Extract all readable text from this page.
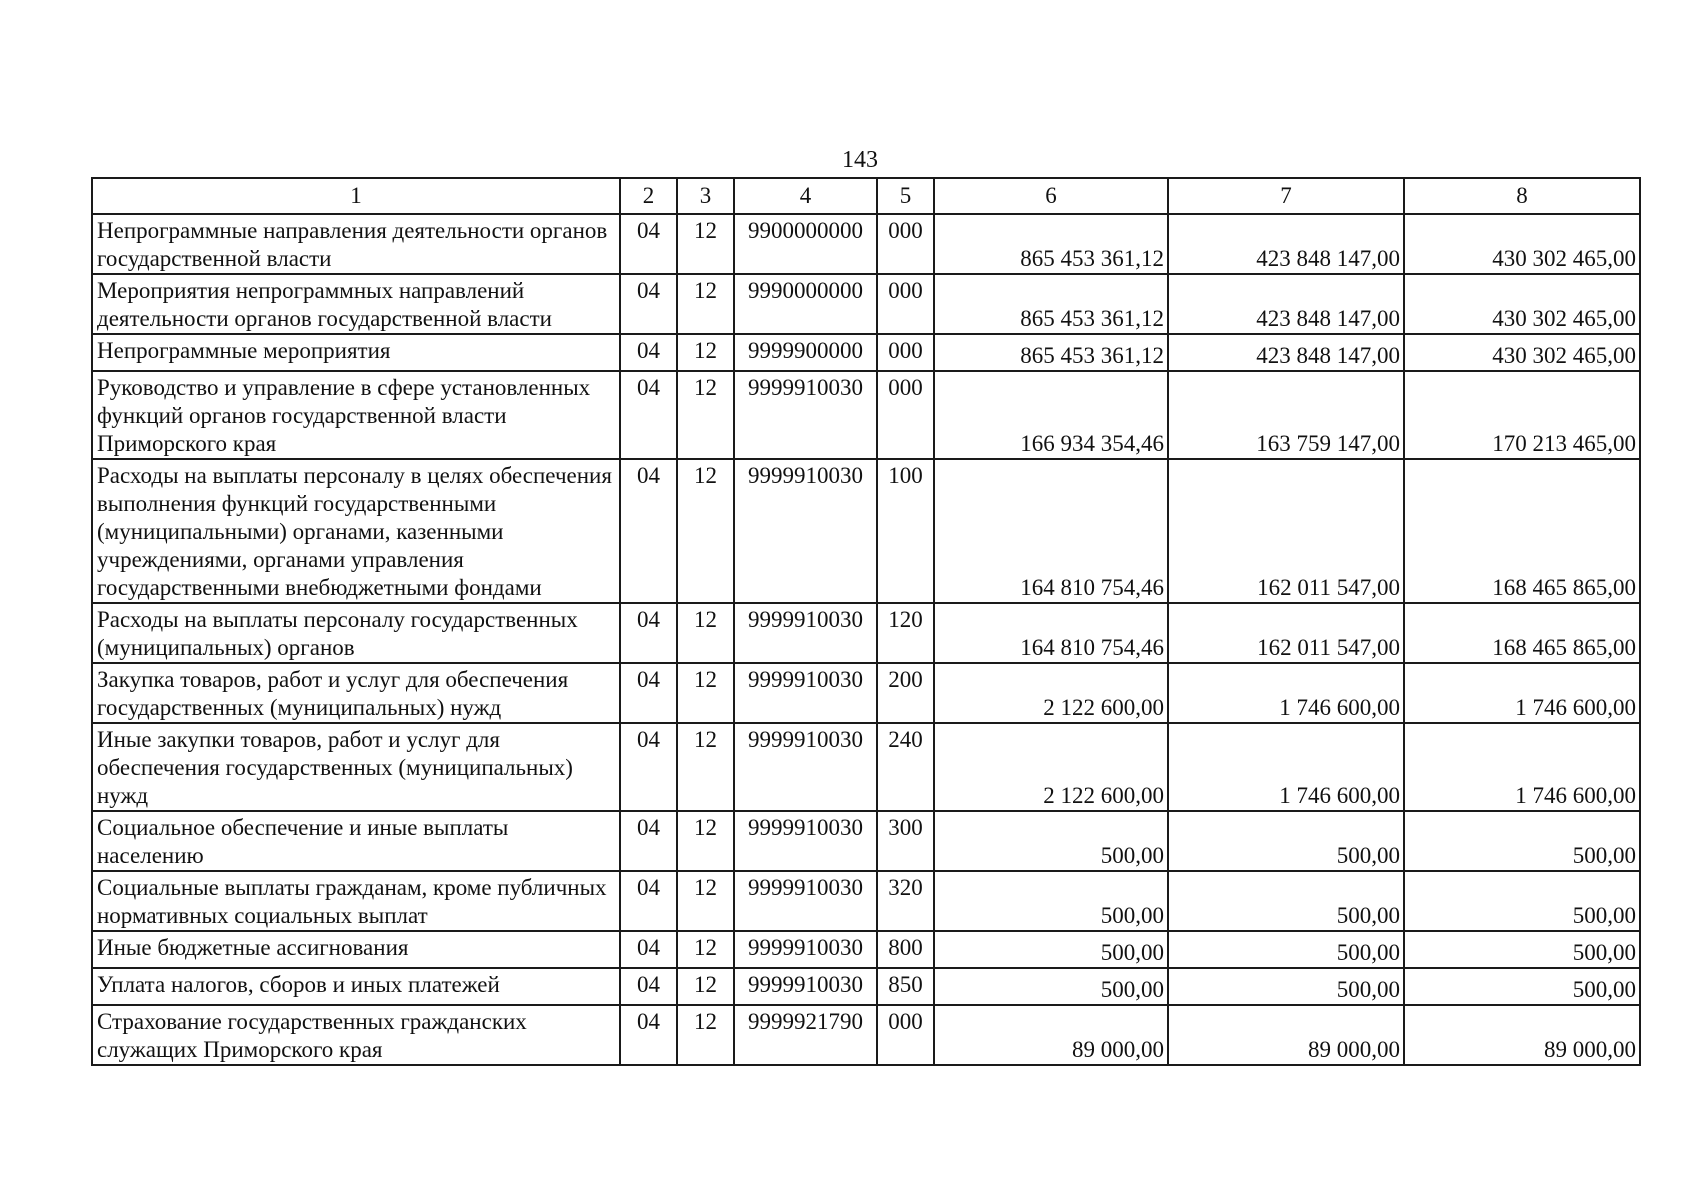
143
1	2	3	4	5	6	7	8
Непрограммные направления деятельности органов государственной власти	04	12	9900000000	000	865 453 361,12	423 848 147,00	430 302 465,00
Мероприятия непрограммных направлений деятельности органов государственной власти	04	12	9990000000	000	865 453 361,12	423 848 147,00	430 302 465,00
Непрограммные мероприятия	04	12	9999900000	000	865 453 361,12	423 848 147,00	430 302 465,00
Руководство и управление в сфере установленных функций органов государственной власти Приморского края	04	12	9999910030	000	166 934 354,46	163 759 147,00	170 213 465,00
Расходы на выплаты персоналу в целях обеспечения выполнения функций государственными (муниципальными) органами, казенными учреждениями, органами управления государственными внебюджетными фондами	04	12	9999910030	100	164 810 754,46	162 011 547,00	168 465 865,00
Расходы на выплаты персоналу государственных (муниципальных) органов	04	12	9999910030	120	164 810 754,46	162 011 547,00	168 465 865,00
Закупка товаров, работ и услуг для обеспечения государственных (муниципальных) нужд	04	12	9999910030	200	2 122 600,00	1 746 600,00	1 746 600,00
Иные закупки товаров, работ и услуг для обеспечения государственных (муниципальных) нужд	04	12	9999910030	240	2 122 600,00	1 746 600,00	1 746 600,00
Социальное обеспечение и иные выплаты населению	04	12	9999910030	300	500,00	500,00	500,00
Социальные выплаты гражданам, кроме публичных нормативных социальных выплат	04	12	9999910030	320	500,00	500,00	500,00
Иные бюджетные ассигнования	04	12	9999910030	800	500,00	500,00	500,00
Уплата налогов, сборов и иных платежей	04	12	9999910030	850	500,00	500,00	500,00
Страхование государственных гражданских служащих Приморского края	04	12	9999921790	000	89 000,00	89 000,00	89 000,00
